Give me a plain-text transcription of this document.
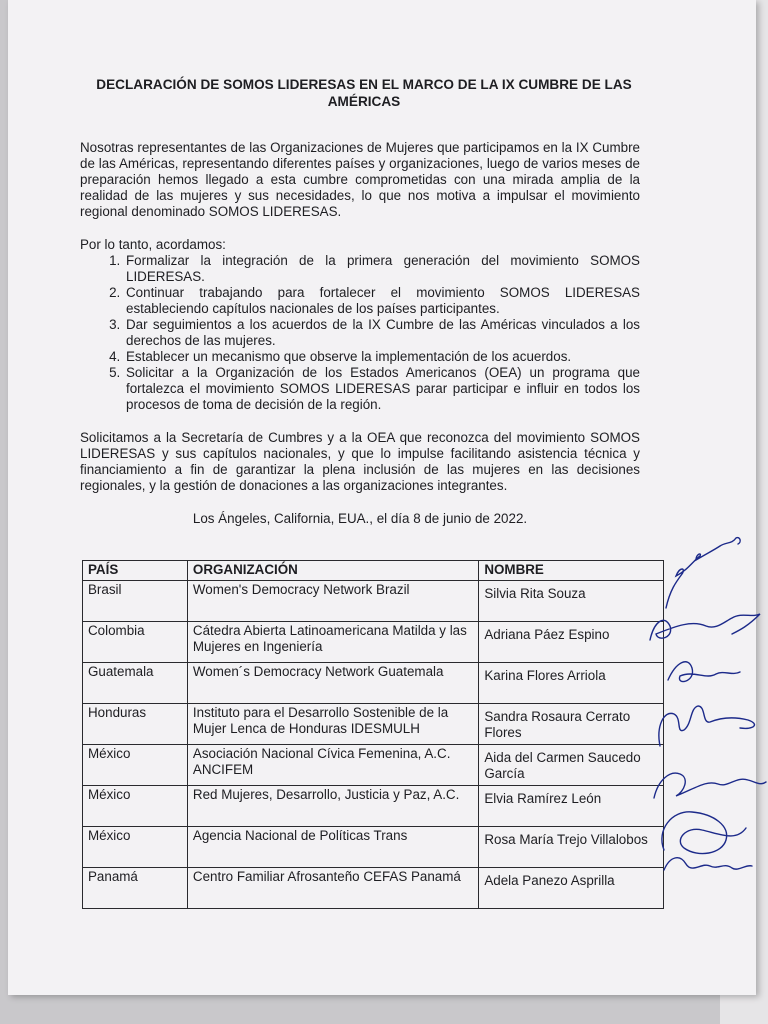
DECLARACIÓN DE SOMOS LIDERESAS EN EL MARCO DE LA IX CUMBRE DE LAS AMÉRICAS

Nosotras representantes de las Organizaciones de Mujeres que participamos en la IX Cumbre de las Américas, representando diferentes países y organizaciones, luego de varios meses de preparación hemos llegado a esta cumbre comprometidas con una mirada amplia de la realidad de las mujeres y sus necesidades, lo que nos motiva a impulsar el movimiento regional denominado SOMOS LIDERESAS.

Por lo tanto, acordamos:

1. Formalizar la integración de la primera generación del movimiento SOMOS LIDERESAS.
2. Continuar trabajando para fortalecer el movimiento SOMOS LIDERESAS estableciendo capítulos nacionales de los países participantes.
3. Dar seguimientos a los acuerdos de la IX Cumbre de las Américas vinculados a los derechos de las mujeres.
4. Establecer un mecanismo que observe la implementación de los acuerdos.
5. Solicitar a la Organización de los Estados Americanos (OEA) un programa que fortalezca el movimiento SOMOS LIDERESAS parar participar e influir en todos los procesos de toma de decisión de la región.

Solicitamos a la Secretaría de Cumbres y a la OEA que reconozca del movimiento SOMOS LIDERESAS y sus capítulos nacionales, y que lo impulse facilitando asistencia técnica y financiamiento a fin de garantizar la plena inclusión de las mujeres en las decisiones regionales, y la gestión de donaciones a las organizaciones integrantes.

Los Ángeles, California, EUA., el día 8 de junio de 2022.
PAÍS	ORGANIZACIÓN	NOMBRE
Brasil	Women's Democracy Network Brazil	Silvia Rita Souza
Colombia	Cátedra Abierta Latinoamericana Matilda y las Mujeres en Ingeniería	Adriana Páez Espino
Guatemala	Women´s Democracy Network Guatemala	Karina Flores Arriola
Honduras	Instituto para el Desarrollo Sostenible de la Mujer Lenca de Honduras IDESMULH	Sandra Rosaura Cerrato Flores
México	Asociación Nacional Cívica Femenina, A.C. ANCIFEM	Aida del Carmen Saucedo García
México	Red Mujeres, Desarrollo, Justicia y Paz, A.C.	Elvia Ramírez León
México	Agencia Nacional de Políticas Trans	Rosa María Trejo Villalobos
Panamá	Centro Familiar Afrosanteño CEFAS Panamá	Adela Panezo Asprilla
